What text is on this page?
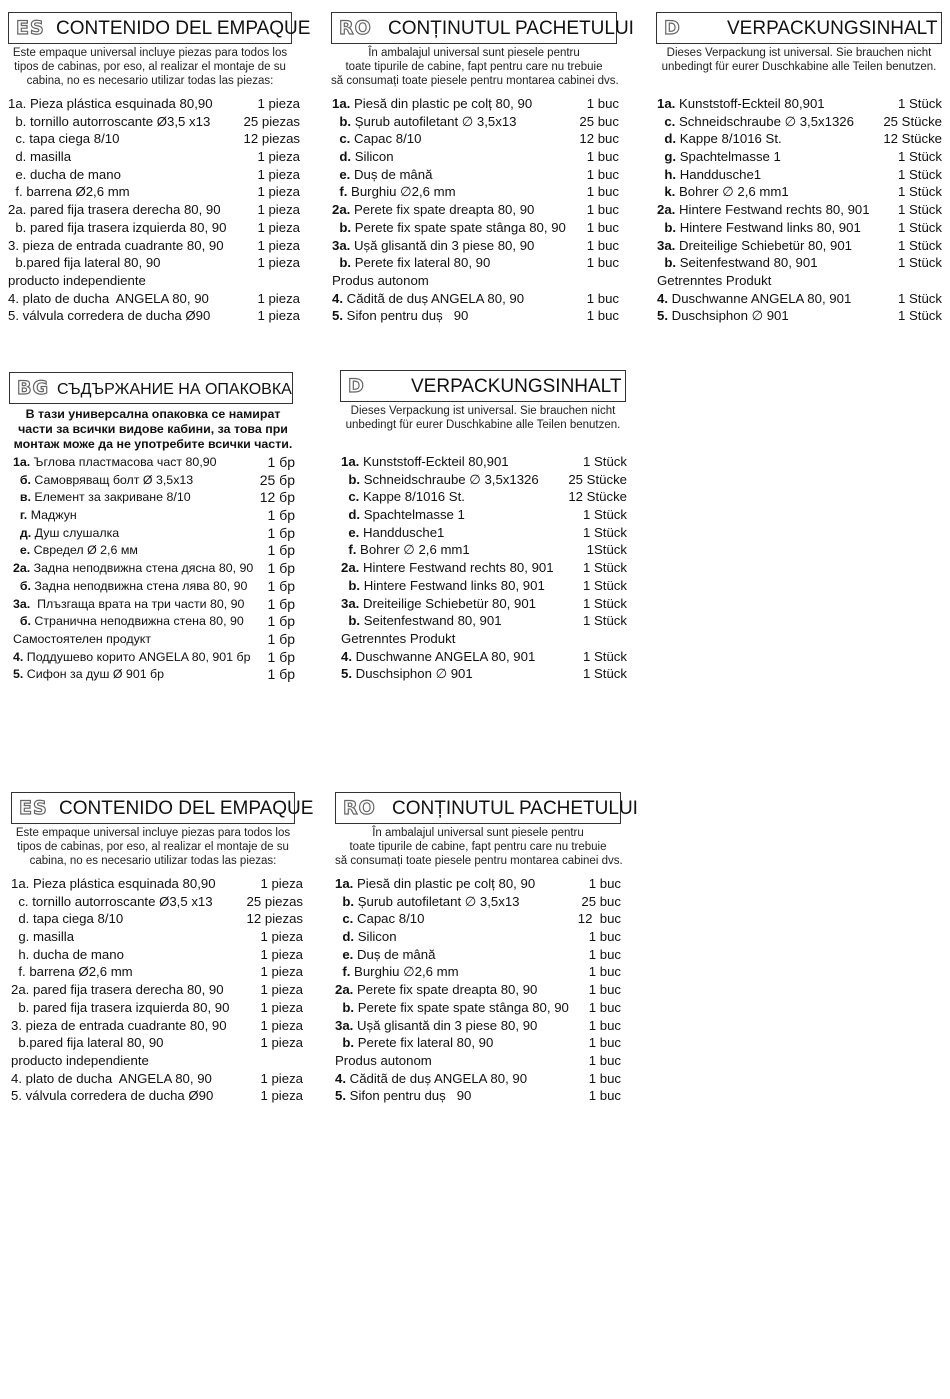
ES CONTENIDO DEL EMPAQUE
Este empaque universal incluye piezas para todos los
tipos de cabinas, por eso, al realizar el montaje de su
cabina, no es necesario utilizar todas las piezas:
1a. Pieza plástica esquinada 80,90	1 pieza
b. tornillo autorroscante Ø3,5 x13	25 piezas
c. tapa ciega 8/10	12 piezas
d. masilla	1 pieza
e. ducha de mano	1 pieza
f. barrena Ø2,6 mm	1 pieza
2a. pared fija trasera derecha 80, 90	1 pieza
b. pared fija trasera izquierda 80, 90	1 pieza
3. pieza de entrada cuadrante 80, 90	1 pieza
b.pared fija lateral 80, 90	1 pieza
producto independiente
4. plato de ducha  ANGELA 80, 90	1 pieza
5. válvula corredera de ducha Ø90	1 pieza
RO CONȚINUTUL PACHETULUI
În ambalajul universal sunt piesele pentru
toate tipurile de cabine, fapt pentru care nu trebuie
să consumați toate piesele pentru montarea cabinei dvs.
1a. Piesă din plastic pe colț 80, 90	1 buc
b. Șurub autofiletant ∅ 3,5x13	25 buc
c. Capac 8/10	12 buc
d. Silicon	1 buc
e. Duș de mână	1 buc
f. Burghiu ∅2,6 mm	1 buc
2a. Perete fix spate dreapta 80, 90	1 buc
b. Perete fix spate spate stânga 80, 90	1 buc
3a. Ușă glisantă din 3 piese 80, 90	1 buc
b. Perete fix lateral 80, 90	1 buc
Produs autonom
4. Căditã de duș ANGELA 80, 90	1 buc
5. Sifon pentru duș   90	1 buc
D VERPACKUNGSINHALT
Dieses Verpackung ist universal. Sie brauchen nicht
unbedingt für eurer Duschkabine alle Teilen benutzen.
1a. Kunststoff-Eckteil 80,901	1 Stück
c. Schneidschraube ∅ 3,5x1326	25 Stücke
d. Kappe 8/1016 St.	12 Stücke
g. Spachtelmasse 1	1 Stück
h. Handdusche1	1 Stück
k. Bohrer ∅ 2,6 mm1	1 Stück
2a. Hintere Festwand rechts 80, 901	1 Stück
b. Hintere Festwand links 80, 901	1 Stück
3a. Dreiteilige Schiebetür 80, 901	1 Stück
b. Seitenfestwand 80, 901	1 Stück
Getrenntes Produkt
4. Duschwanne ANGELA 80, 901	1 Stück
5. Duschsiphon ∅ 901	1 Stück
BG СЪДЪРЖАНИЕ НА ОПАКОВКА
В тази универсална опаковка се намират
части за всички видове кабини, за това при
монтаж може да не употребите всички части.
1а. Ъглова пластмасова част 80,90	1 бр
б. Самовряващ болт Ø 3,5x13	25 бр
в. Елемент за закриване 8/10	12 бр
г. Маджун	1 бр
д. Душ слушалка	1 бр
е. Свредел Ø 2,6 мм	1 бр
2а. Задна неподвижна стена дясна 80, 90	1 бр
б. Задна неподвижна стена лява 80, 90	1 бр
3а.  Плъзгаща врата на три части 80, 90	1 бр
б. Странична неподвижна стена 80, 90	1 бр
Самостоятелен продукт	1 бр
4. Поддушево корито ANGELA 80, 901 бр	1 бр
5. Сифон за душ Ø 901 бр	1 бр
D VERPACKUNGSINHALT
Dieses Verpackung ist universal. Sie brauchen nicht
unbedingt für eurer Duschkabine alle Teilen benutzen.
1a. Kunststoff-Eckteil 80,901	1 Stück
b. Schneidschraube ∅ 3,5x1326	25 Stücke
c. Kappe 8/1016 St.	12 Stücke
d. Spachtelmasse 1	1 Stück
e. Handdusche1	1 Stück
f. Bohrer ∅ 2,6 mm1	1Stück
2a. Hintere Festwand rechts 80, 901	1 Stück
b. Hintere Festwand links 80, 901	1 Stück
3a. Dreiteilige Schiebetür 80, 901	1 Stück
b. Seitenfestwand 80, 901	1 Stück
Getrenntes Produkt
4. Duschwanne ANGELA 80, 901	1 Stück
5. Duschsiphon ∅ 901	1 Stück
ES CONTENIDO DEL EMPAQUE
Este empaque universal incluye piezas para todos los
tipos de cabinas, por eso, al realizar el montaje de su
cabina, no es necesario utilizar todas las piezas:
1a. Pieza plástica esquinada 80,90	1 pieza
c. tornillo autorroscante Ø3,5 x13	25 piezas
d. tapa ciega 8/10	12 piezas
g. masilla	1 pieza
h. ducha de mano	1 pieza
f. barrena Ø2,6 mm	1 pieza
2a. pared fija trasera derecha 80, 90	1 pieza
b. pared fija trasera izquierda 80, 90	1 pieza
3. pieza de entrada cuadrante 80, 90	1 pieza
b.pared fija lateral 80, 90	1 pieza
producto independiente
4. plato de ducha  ANGELA 80, 90	1 pieza
5. válvula corredera de ducha Ø90	1 pieza
RO CONȚINUTUL PACHETULUI
În ambalajul universal sunt piesele pentru
toate tipurile de cabine, fapt pentru care nu trebuie
să consumați toate piesele pentru montarea cabinei dvs.
1a. Piesă din plastic pe colț 80, 90	1 buc
b. Șurub autofiletant ∅ 3,5x13	25 buc
c. Capac 8/10	12  buc
d. Silicon	1 buc
e. Duș de mână	1 buc
f. Burghiu ∅2,6 mm	1 buc
2a. Perete fix spate dreapta 80, 90	1 buc
b. Perete fix spate spate stânga 80, 90	1 buc
3a. Ușă glisantă din 3 piese 80, 90	1 buc
b. Perete fix lateral 80, 90	1 buc
Produs autonom	1 buc
4. Căditã de duș ANGELA 80, 90	1 buc
5. Sifon pentru duș   90	1 buc
